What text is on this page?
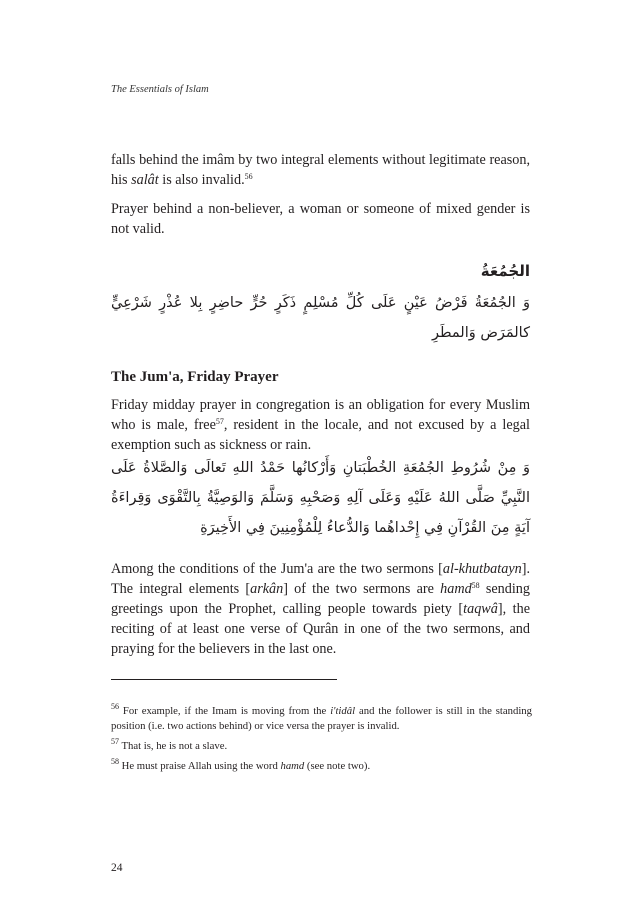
The Essentials of Islam

falls behind the imâm by two integral elements without legitimate reason, his salât is also invalid.$^{56}$

Prayer behind a non-believer, a woman or someone of mixed gender is not valid.

الجُمُعَةُ
وَ الجُمُعَةُ فَرْضُ عَيْنٍ عَلَى كُلِّ مُسْلِمٍ ذَكَرٍ حُرٍّ حاضِرٍ بِلا عُذْرٍ شَرْعِيٍّ كالمَرَض وَالمطَرِ
The Jum'a, Friday Prayer
Friday midday prayer in congregation is an obligation for every Muslim who is male, free$^{57}$, resident in the locale, and not excused by a legal exemption such as sickness or rain.
وَ مِنْ شُرُوطِ الجُمُعَةِ الخُطْبَتانِ وَأَرْكانُها حَمْدُ اللهِ تَعالَى وَالصَّلاةُ عَلَى النَّبِيِّ صَلَّى اللهُ عَلَيْهِ وَعَلَى آلِهِ وَصَحْبِهِ وَسَلَّمَ وَالوَصِيَّةُ بِالتَّقْوَى وَقِراءَةُ آيَةٍ مِنَ القُرْآنِ فِي إِحْداهُما وَالدُّعاءُ لِلْمُؤْمِنِينَ فِي الأَخِيرَةِ
Among the conditions of the Jum'a are the two sermons [al-khutbatayn]. The integral elements [arkân] of the two sermons are hamd$^{58}$ sending greetings upon the Prophet, calling people towards piety [taqwâ], the reciting of at least one verse of Qurân in one of the two sermons, and praying for the believers in the last one.

$^{56}$ For example, if the Imam is moving from the i'tidâl and the follower is still in the standing position (i.e. two actions behind) or vice versa the prayer is invalid.

$^{57}$ That is, he is not a slave.

$^{58}$ He must praise Allah using the word hamd (see note two).

24
